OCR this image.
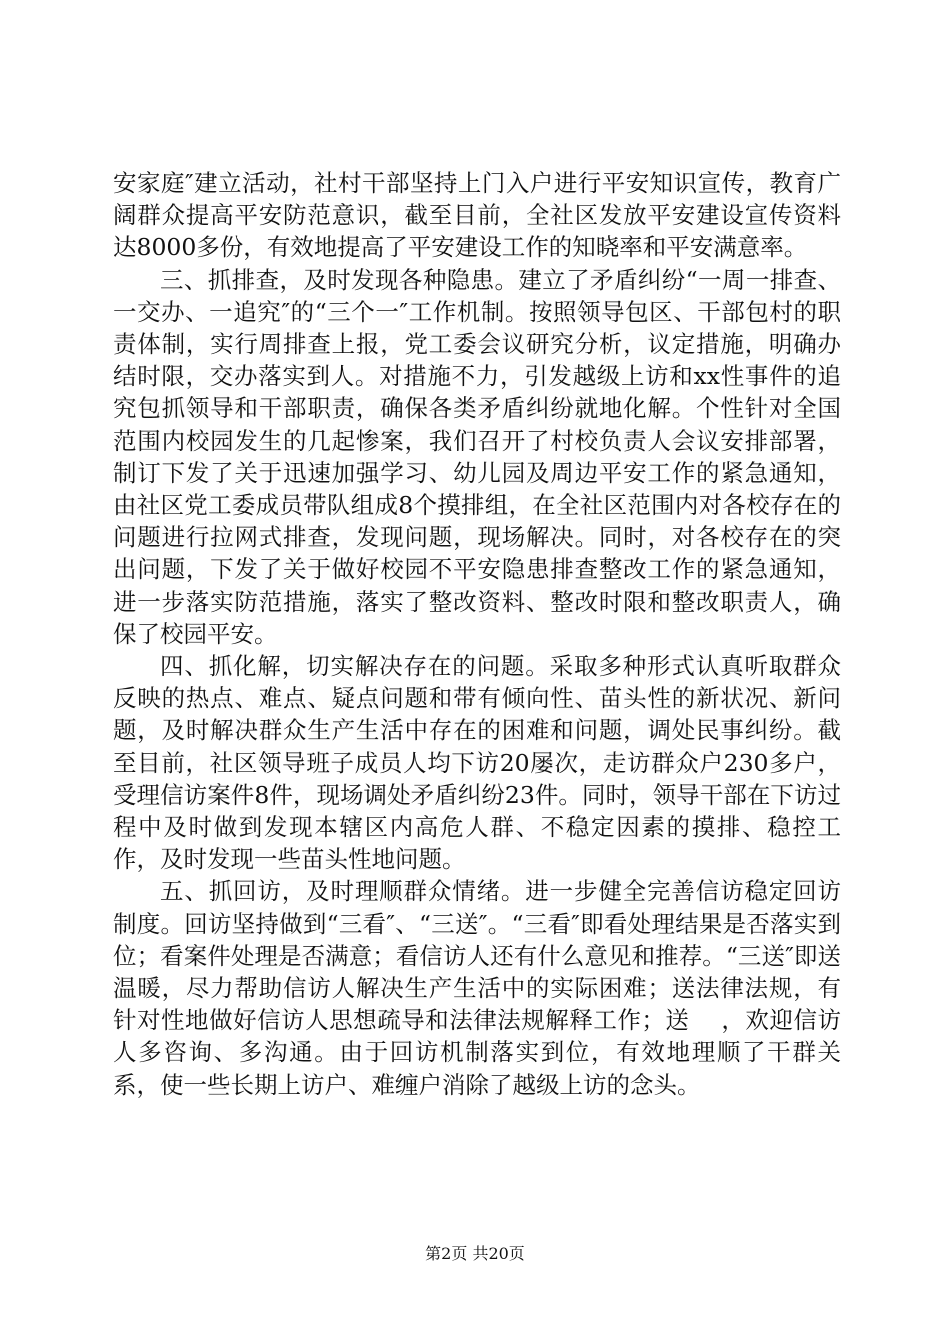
安家庭″建立活动，社村干部坚持上门入户进行平安知识宣传，教育广阔群众提高平安防范意识，截至目前，全社区发放平安建设宣传资料达8000多份，有效地提高了平安建设工作的知晓率和平安满意率。

三、抓排查，及时发现各种隐患。建立了矛盾纠纷“一周一排查、一交办、一追究″的“三个一″工作机制。按照领导包区、干部包村的职责体制，实行周排查上报，党工委会议研究分析，议定措施，明确办结时限，交办落实到人。对措施不力，引发越级上访和xx性事件的追究包抓领导和干部职责，确保各类矛盾纠纷就地化解。个性针对全国范围内校园发生的几起惨案，我们召开了村校负责人会议安排部署，制订下发了关于迅速加强学习、幼儿园及周边平安工作的紧急通知，由社区党工委成员带队组成8个摸排组，在全社区范围内对各校存在的问题进行拉网式排查，发现问题，现场解决。同时，对各校存在的突出问题，下发了关于做好校园不平安隐患排查整改工作的紧急通知，进一步落实防范措施，落实了整改资料、整改时限和整改职责人，确保了校园平安。

四、抓化解，切实解决存在的问题。采取多种形式认真听取群众反映的热点、难点、疑点问题和带有倾向性、苗头性的新状况、新问题，及时解决群众生产生活中存在的困难和问题，调处民事纠纷。截至目前，社区领导班子成员人均下访20屡次，走访群众户230多户，受理信访案件8件，现场调处矛盾纠纷23件。同时，领导干部在下访过程中及时做到发现本辖区内高危人群、不稳定因素的摸排、稳控工作，及时发现一些苗头性地问题。

五、抓回访，及时理顺群众情绪。进一步健全完善信访稳定回访制度。回访坚持做到“三看″、“三送″。“三看″即看处理结果是否落实到位；看案件处理是否满意；看信访人还有什么意见和推荐。“三送″即送温暖，尽力帮助信访人解决生产生活中的实际困难；送法律法规，有针对性地做好信访人思想疏导和法律法规解释工作；送　 ，欢迎信访人多咨询、多沟通。由于回访机制落实到位，有效地理顺了干群关系，使一些长期上访户、难缠户消除了越级上访的念头。

第2页 共20页
